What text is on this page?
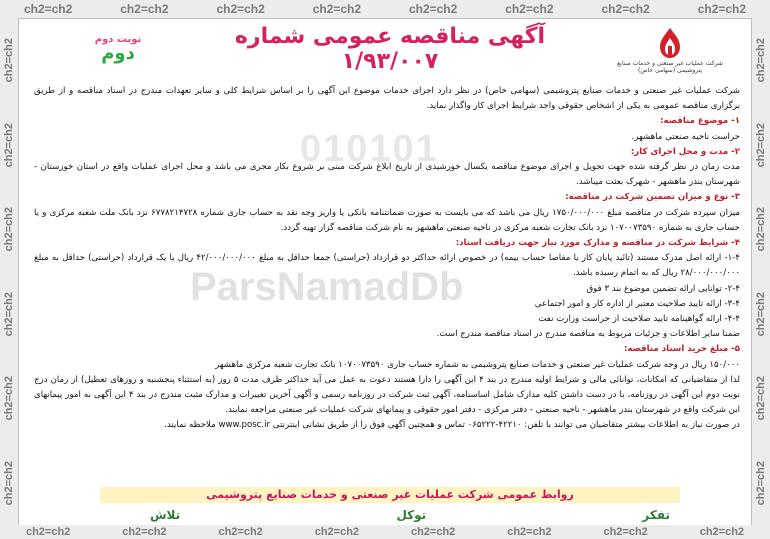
ch2=ch2	ch2=ch2	ch2=ch2	ch2=ch2	ch2=ch2	ch2=ch2	ch2=ch2	ch2=ch2
ch2=ch2
ch2=ch2
ch2=ch2
ch2=ch2
ch2=ch2
ch2=ch2
ch2=ch2
ch2=ch2
ch2=ch2
ch2=ch2
ch2=ch2
ch2=ch2
ch2=ch2	ch2=ch2	ch2=ch2	ch2=ch2	ch2=ch2	ch2=ch2	ch2=ch2	ch2=ch2
010101
ParsNamadDb
شرکت عملیات غیر صنعتی و خدمات صنایع پتروشیمی (سهامی خاص)
آگهی مناقصه عمومی شماره ۱/۹۳/۰۰۷
نوبت دوم
دوم

شرکت عملیات غیر صنعتی و خدمات صنایع پتروشیمی (سهامی خاص) در نظر دارد اجرای خدمات موضوع این آگهی را بر اساس شرایط کلی و سایر تعهدات مندرج در اسناد مناقصه و از طریق برگزاری مناقصه عمومی به یکی از اشخاص حقوقی واجد شرایط اجرای کار واگذار نماید.

۱- موضوع مناقصه:

حراست ناحیه صنعتی ماهشهر.

۲- مدت و محل اجرای کار:

مدت زمان در نظر گرفته شده جهت تحویل و اجرای موضوع مناقصه یکسال خورشیدی از تاریخ ابلاغ شرکت مبنی بر شروع بکار مجری می باشد و محل اجرای عملیات واقع در استان خوزستان - شهرستان بندر ماهشهر - شهرک بعثت میباشد.

۳- نوع و میزان تضمین شرکت در مناقصه:

میزان سپرده شرکت در مناقصه مبلغ ۱۷۵۰/۰۰۰/۰۰۰ ریال می باشد که می بایست به صورت ضمانتنامه بانکی یا واریز وجه نقد به حساب جاری شماره ۶۷۷۸۲۱۴۷۲۸ نزد بانک ملت شعبه مرکزی و یا حساب جاری به شماره ۱۰۷۰۰۷۳۵۹۰ نزد بانک تجارت شعبه مرکزی در ناحیه صنعتی ماهشهر به نام شرکت مناقصه گزار تهیه گردد.

۴- شرایط شرکت در مناقصه و مدارک مورد نیاز جهت دریافت اسناد:

۱-۴- ارائه اصل مدرک مستند (تائید پایان کار یا مفاصا حساب بیمه) در خصوص ارائه حداکثر دو قرارداد (حراستی) جمعا حداقل به مبلغ ۴۲/۰۰۰/۰۰۰/۰۰۰ ریال یا یک قرارداد (حراستی) حداقل به مبلغ ۲۸/۰۰۰/۰۰۰/۰۰۰ ریال که به اتمام رسیده باشد.

۲-۴- توانایی ارائه تضمین موضوع بند ۳ فوق

۳-۴- ارائه تایید صلاحیت معتبر از اداره کار و امور اجتماعی

۴-۴- ارائه گواهینامه تایید صلاحیت از حراست وزارت نفت

ضمنا سایر اطلاعات و جزئیات مربوط به مناقصه مندرج در اسناد مناقصه مندرج است.

۵- مبلغ خرید اسناد مناقصه:

۱۵۰/۰۰۰ ریال در وجه شرکت عملیات غیر صنعتی و خدمات صنایع پتروشیمی به شماره حساب جاری ۱۰۷۰۰۷۳۵۹۰ بانک تجارت شعبه مرکزی ماهشهر

لذا از متقاضیانی که امکانات، توانائی مالی و شرایط اولیه مندرج در بند ۴ این آگهی را دارا هستند دعوت به عمل می آید حداکثر ظرف مدت ۵ روز (به استثناء پنجشنبه و روزهای تعطیل) از زمان درج نوبت دوم این آگهی در روزنامه، با در دست داشتن کلیه مدارک شامل اساسنامه، آگهی ثبت شرکت در روزنامه رسمی و آگهی آخرین تغییرات و مدارک مثبت مندرج در بند ۴ این آگهی به امور پیمانهای این شرکت واقع در شهرستان بندر ماهشهر - ناحیه صنعتی - دفتر مرکزی - دفتر امور حقوقی و پیمانهای شرکت عملیات غیر صنعتی مراجعه نمایند.

در صورت نیاز به اطلاعات بیشتر متقاضیان می توانند با تلفن: ۴۲۲۱۰-۰۶۵۲۲۲ تماس و همچنین آگهی فوق را از طریق نشانی اینترنتی www.posc.ir ملاحظه نمایند.

روابط عمومی شرکت عملیات غیر صنعتی و خدمات صنایع پتروشیمی
تفکر
توکل
تلاش
